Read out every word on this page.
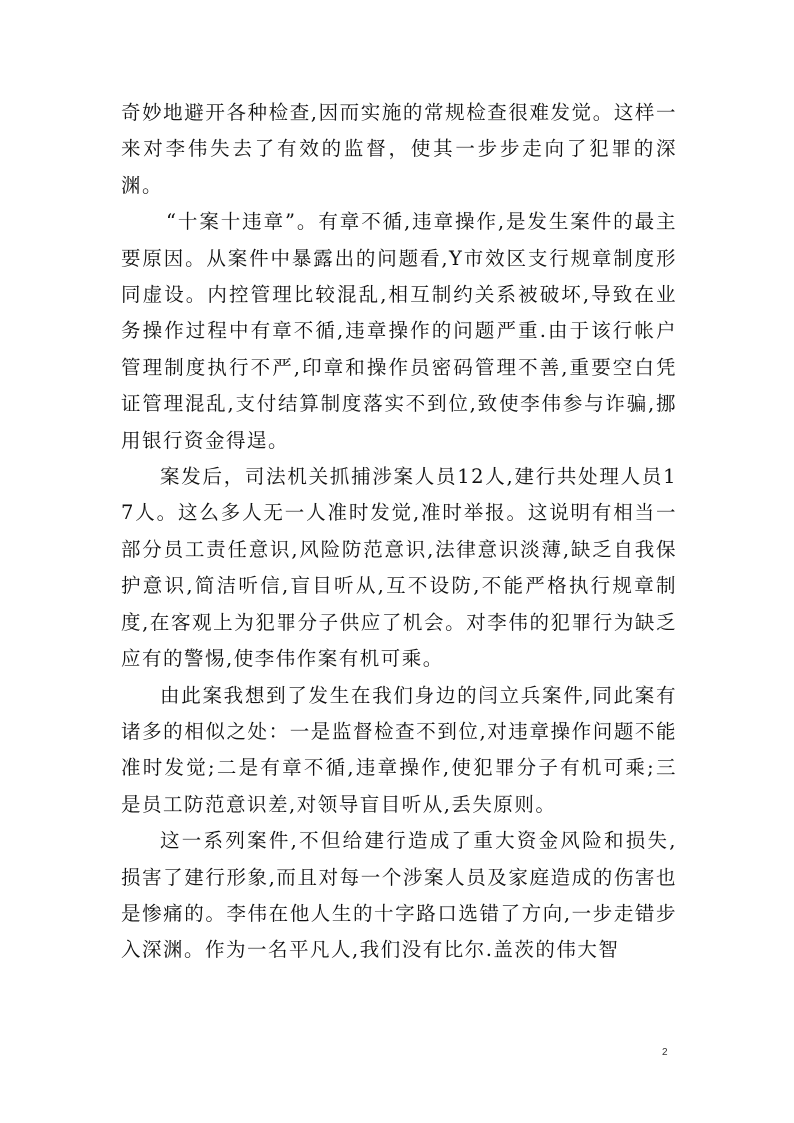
奇妙地避开各种检查,因而实施的常规检查很难发觉。这样一来对李伟失去了有效的监督，使其一步步走向了犯罪的深渊。

“十案十违章”。有章不循,违章操作,是发生案件的最主要原因。从案件中暴露出的问题看,Y市效区支行规章制度形同虚设。内控管理比较混乱,相互制约关系被破坏,导致在业务操作过程中有章不循,违章操作的问题严重.由于该行帐户管理制度执行不严,印章和操作员密码管理不善,重要空白凭证管理混乱,支付结算制度落实不到位,致使李伟参与诈骗,挪用银行资金得逞。

案发后，司法机关抓捕涉案人员12人,建行共处理人员17人。这么多人无一人准时发觉,准时举报。这说明有相当一部分员工责任意识,风险防范意识,法律意识淡薄,缺乏自我保护意识,简洁听信,盲目听从,互不设防,不能严格执行规章制度,在客观上为犯罪分子供应了机会。对李伟的犯罪行为缺乏应有的警惕,使李伟作案有机可乘。

由此案我想到了发生在我们身边的闫立兵案件,同此案有诸多的相似之处：一是监督检查不到位,对违章操作问题不能准时发觉;二是有章不循,违章操作,使犯罪分子有机可乘;三是员工防范意识差,对领导盲目听从,丢失原则。

这一系列案件,不但给建行造成了重大资金风险和损失,损害了建行形象,而且对每一个涉案人员及家庭造成的伤害也是惨痛的。李伟在他人生的十字路口选错了方向,一步走错步入深渊。作为一名平凡人,我们没有比尔.盖茨的伟大智

2
